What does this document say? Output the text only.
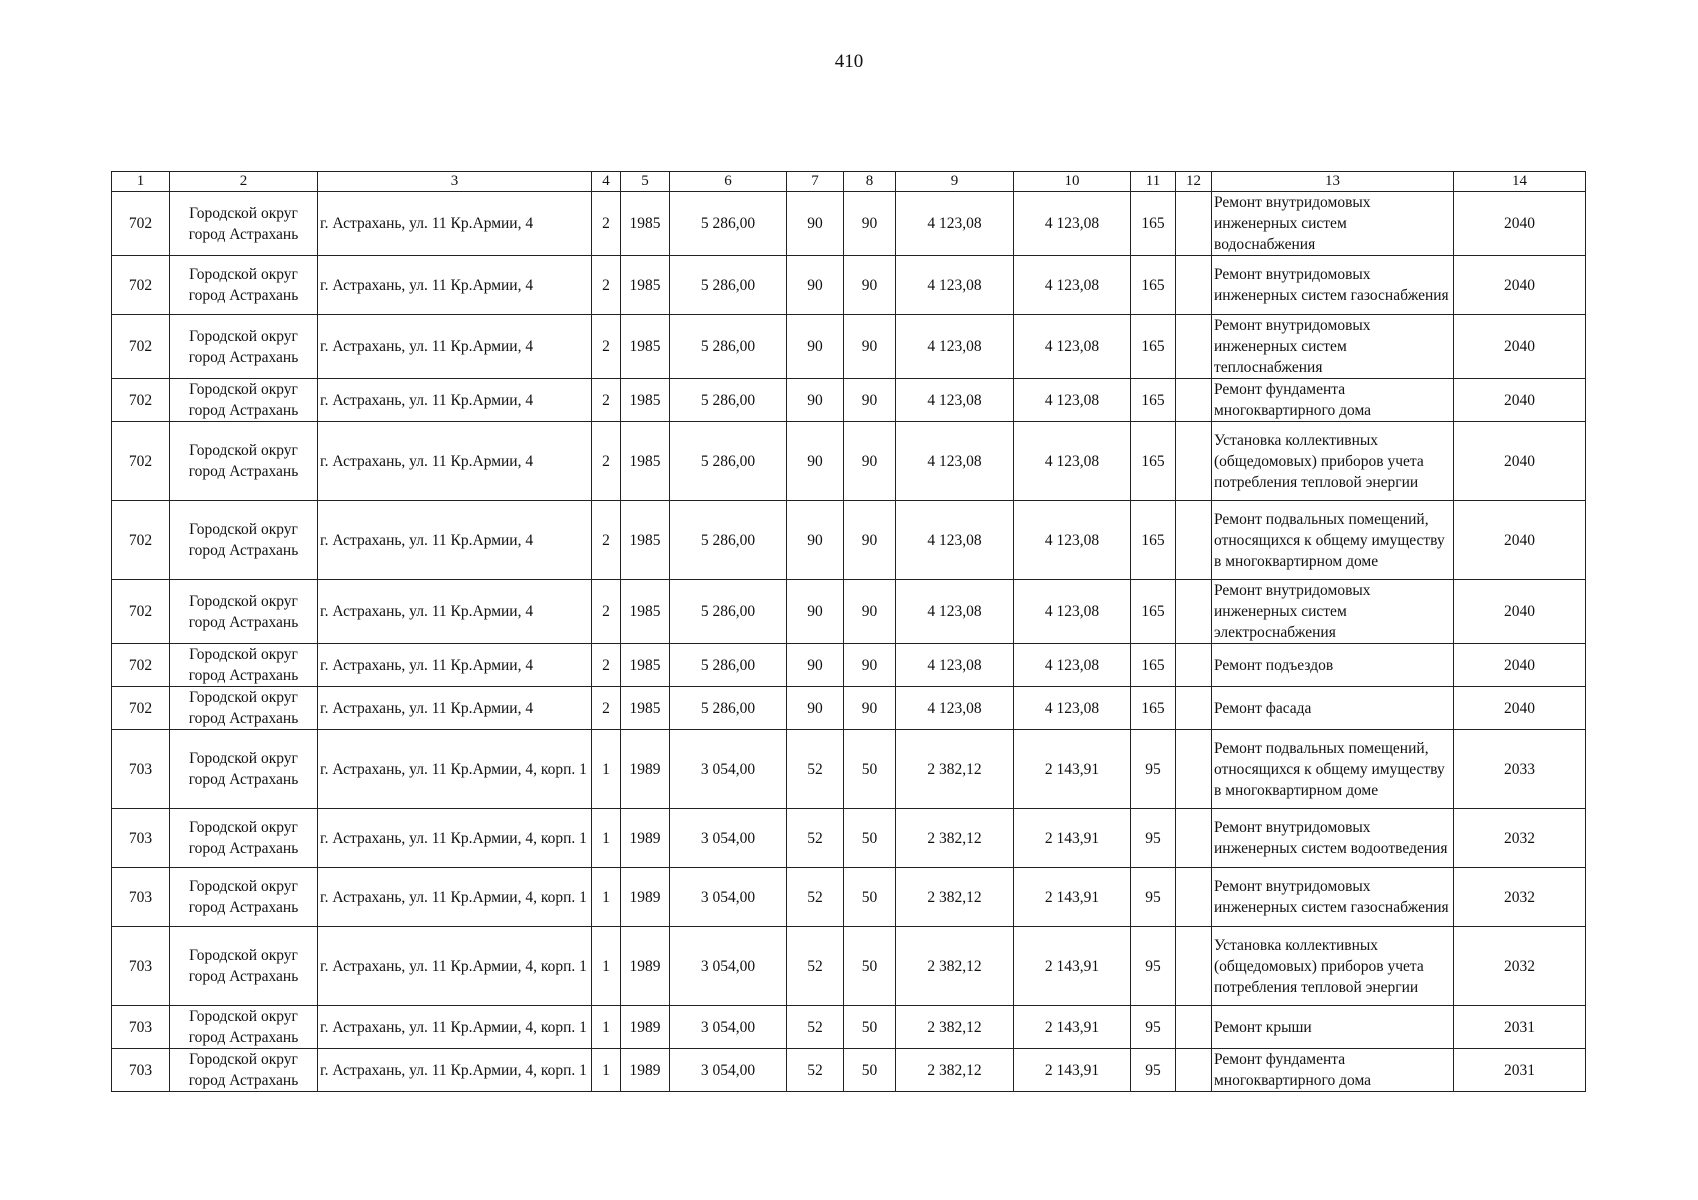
410
1	2	3	4	5	6	7	8	9	10	11	12	13	14
702	Городской округ город Астрахань	г. Астрахань, ул. 11 Кр.Армии, 4	2	1985	5 286,00	90	90	4 123,08	4 123,08	165		Ремонт внутридомовых инженерных систем водоснабжения	2040
702	Городской округ город Астрахань	г. Астрахань, ул. 11 Кр.Армии, 4	2	1985	5 286,00	90	90	4 123,08	4 123,08	165		Ремонт внутридомовых инженерных систем газоснабжения	2040
702	Городской округ город Астрахань	г. Астрахань, ул. 11 Кр.Армии, 4	2	1985	5 286,00	90	90	4 123,08	4 123,08	165		Ремонт внутридомовых инженерных систем теплоснабжения	2040
702	Городской округ город Астрахань	г. Астрахань, ул. 11 Кр.Армии, 4	2	1985	5 286,00	90	90	4 123,08	4 123,08	165		Ремонт фундамента многоквартирного дома	2040
702	Городской округ город Астрахань	г. Астрахань, ул. 11 Кр.Армии, 4	2	1985	5 286,00	90	90	4 123,08	4 123,08	165		Установка коллективных (общедомовых) приборов учета потребления тепловой энергии	2040
702	Городской округ город Астрахань	г. Астрахань, ул. 11 Кр.Армии, 4	2	1985	5 286,00	90	90	4 123,08	4 123,08	165		Ремонт подвальных помещений, относящихся к общему имуществу в многоквартирном доме	2040
702	Городской округ город Астрахань	г. Астрахань, ул. 11 Кр.Армии, 4	2	1985	5 286,00	90	90	4 123,08	4 123,08	165		Ремонт внутридомовых инженерных систем электроснабжения	2040
702	Городской округ город Астрахань	г. Астрахань, ул. 11 Кр.Армии, 4	2	1985	5 286,00	90	90	4 123,08	4 123,08	165		Ремонт подъездов	2040
702	Городской округ город Астрахань	г. Астрахань, ул. 11 Кр.Армии, 4	2	1985	5 286,00	90	90	4 123,08	4 123,08	165		Ремонт фасада	2040
703	Городской округ город Астрахань	г. Астрахань, ул. 11 Кр.Армии, 4, корп. 1	1	1989	3 054,00	52	50	2 382,12	2 143,91	95		Ремонт подвальных помещений, относящихся к общему имуществу в многоквартирном доме	2033
703	Городской округ город Астрахань	г. Астрахань, ул. 11 Кр.Армии, 4, корп. 1	1	1989	3 054,00	52	50	2 382,12	2 143,91	95		Ремонт внутридомовых инженерных систем водоотведения	2032
703	Городской округ город Астрахань	г. Астрахань, ул. 11 Кр.Армии, 4, корп. 1	1	1989	3 054,00	52	50	2 382,12	2 143,91	95		Ремонт внутридомовых инженерных систем газоснабжения	2032
703	Городской округ город Астрахань	г. Астрахань, ул. 11 Кр.Армии, 4, корп. 1	1	1989	3 054,00	52	50	2 382,12	2 143,91	95		Установка коллективных (общедомовых) приборов учета потребления тепловой энергии	2032
703	Городской округ город Астрахань	г. Астрахань, ул. 11 Кр.Армии, 4, корп. 1	1	1989	3 054,00	52	50	2 382,12	2 143,91	95		Ремонт крыши	2031
703	Городской округ город Астрахань	г. Астрахань, ул. 11 Кр.Армии, 4, корп. 1	1	1989	3 054,00	52	50	2 382,12	2 143,91	95		Ремонт фундамента многоквартирного дома	2031
